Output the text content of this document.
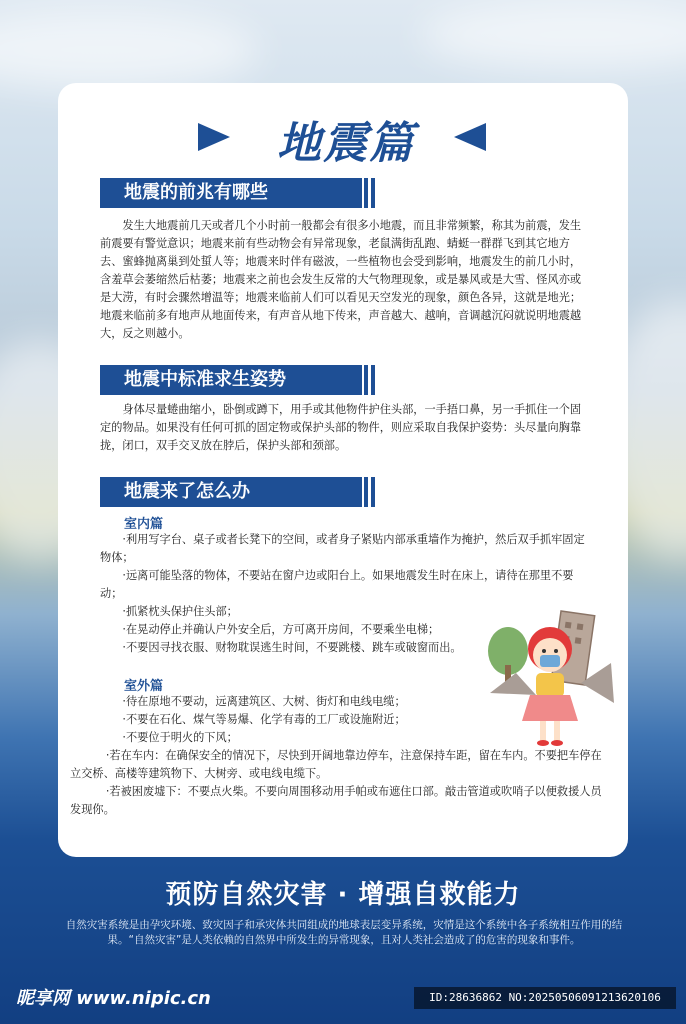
地震篇
地震的前兆有哪些

发生大地震前几天或者几个小时前一般都会有很多小地震，而且非常频繁，称其为前震，发生前震要有警觉意识；地震来前有些动物会有异常现象，老鼠满街乱跑、蜻蜓一群群飞到其它地方去、蜜蜂抛离巢到处蜇人等；地震来时伴有磁波，一些植物也会受到影响，地震发生的前几小时，含羞草会萎缩然后枯萎；地震来之前也会发生反常的大气物理现象，或是暴风或是大雪、怪风亦或是大涝，有时会骤然增温等；地震来临前人们可以看见天空发光的现象，颜色各异，这就是地光；地震来临前多有地声从地面传来，有声音从地下传来，声音越大、越响，音调越沉闷就说明地震越大，反之则越小。

地震中标准求生姿势

身体尽量蜷曲缩小，卧倒或蹲下，用手或其他物件护住头部，一手捂口鼻，另一手抓住一个固定的物品。如果没有任何可抓的固定物或保护头部的物件，则应采取自我保护姿势：头尽量向胸靠拢，闭口，双手交叉放在脖后，保护头部和颈部。

地震来了怎么办
室内篇

·利用写字台、桌子或者长凳下的空间，或者身子紧贴内部承重墙作为掩护，然后双手抓牢固定物体；

·远离可能坠落的物体，不要站在窗户边或阳台上。如果地震发生时在床上，请待在那里不要动；

·抓紧枕头保护住头部；

·在晃动停止并确认户外安全后，方可离开房间，不要乘坐电梯；

·不要因寻找衣服、财物耽误逃生时间，不要跳楼、跳车或破窗而出。

室外篇

·待在原地不要动，远离建筑区、大树、街灯和电线电缆；

·不要在石化、煤气等易爆、化学有毒的工厂或设施附近；

·不要位于明火的下风；

·若在车内：在确保安全的情况下，尽快到开阔地靠边停车，注意保持车距，留在车内。不要把车停在立交桥、高楼等建筑物下、大树旁、或电线电缆下。

·若被困废墟下：不要点火柴。不要向周围移动用手帕或布遮住口部。敲击管道或吹哨子以便救援人员发现你。

预防自然灾害 · 增强自救能力
自然灾害系统是由孕灾环境、致灾因子和承灾体共同组成的地球表层变异系统，灾情是这个系统中各子系统相互作用的结果。“自然灾害”是人类依赖的自然界中所发生的异常现象，且对人类社会造成了的危害的现象和事件。
昵享网 www.nipic.cn	ID:28636862 NO:20250506091213620106
